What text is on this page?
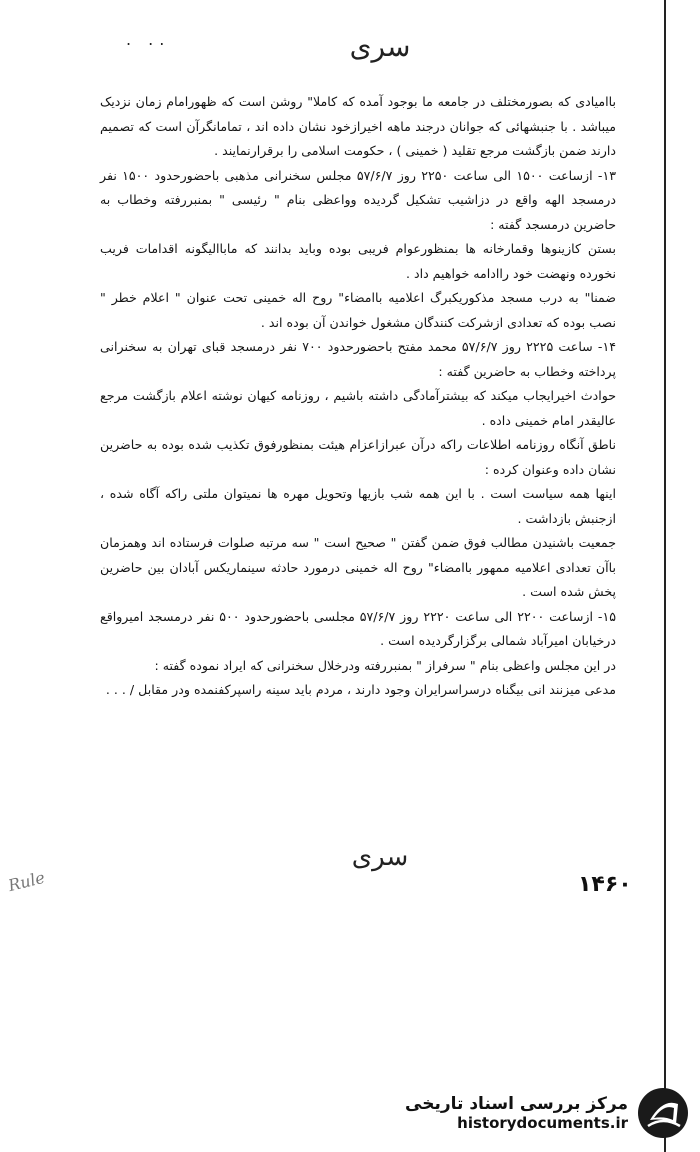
. ..	سری

باامیادی که بصورمختلف در جامعه ما بوجود آمده که کاملا" روشن است که ظهورامام زمان نزدیک میباشد . با جنبشهائی که جوانان درجند ماهه اخیرازخود نشان داده اند ، تمامانگرآن است که تصمیم دارند ضمن بازگشت مرجع تقلید ( خمینی ) ، حکومت اسلامی را برقرارنمایند .

۱۳- ازساعت ۱۵۰۰ الی ساعت ۲۲۵۰ روز ۵۷/۶/۷ مجلس سخنرانی مذهبی باحضورحدود ۱۵۰۰ نفر درمسجد الهه واقع در دزاشیب تشکیل گردیده وواعظی بنام " رئیسی " بمنبررفته وخطاب به حاضرین درمسجد گفته :

بستن کازینوها وقمارخانه ها بمنظورعوام فریبی بوده وباید بدانند که ماباالیگونه اقدامات فریب نخورده ونهضت خود راادامه خواهیم داد .

ضمنا" به درب مسجد مذکوریکبرگ اعلامیه باامضاء" روح اله خمینی تحت عنوان " اعلام خطر " نصب بوده که تعدادی ازشرکت کنندگان مشغول خواندن آن بوده اند .

۱۴- ساعت ۲۲۲۵ روز ۵۷/۶/۷ محمد مفتح باحضورحدود ۷۰۰ نفر درمسجد قبای تهران به سخنرانی پرداخته وخطاب به حاضرین گفته :

حوادث اخیرایجاب میکند که بیشترآمادگی داشته باشیم ، روزنامه کیهان نوشته اعلام بازگشت مرجع عالیقدر امام خمینی داده .

ناطق آنگاه روزنامه اطلاعات راکه درآن عبرازاعزام هیئت بمنظورفوق تکذیب شده بوده به حاضرین نشان داده وعنوان کرده :

اینها همه سیاست است . با این همه شب بازیها وتحویل مهره ها نمیتوان ملتی راکه آگاه شده ، ازجنبش بازداشت .

جمعیت باشنیدن مطالب فوق ضمن گفتن " صحیح است " سه مرتبه صلوات فرستاده اند وهمزمان باآن تعدادی اعلامیه ممهور باامضاء" روح اله خمینی درمورد حادثه سینماریکس آبادان بین حاضرین پخش شده است .

۱۵- ازساعت ۲۲۰۰ الی ساعت ۲۲۲۰ روز ۵۷/۶/۷ مجلسی باحضورحدود ۵۰۰ نفر درمسجد امیرواقع درخیابان امیرآباد شمالی برگزارگردیده است .

در این مجلس واعظی بنام " سرفراز " بمنبررفته ودرخلال سخنرانی که ایراد نموده گفته :

مدعی میزنند انی بیگناه درسراسرایران وجود دارند ، مردم باید سینه راسپرکفنمده ودر مقابل / . . .

سری
۱۴۶۰
Rule
مرکز بررسی اسناد تاریخی
historydocuments.ir
